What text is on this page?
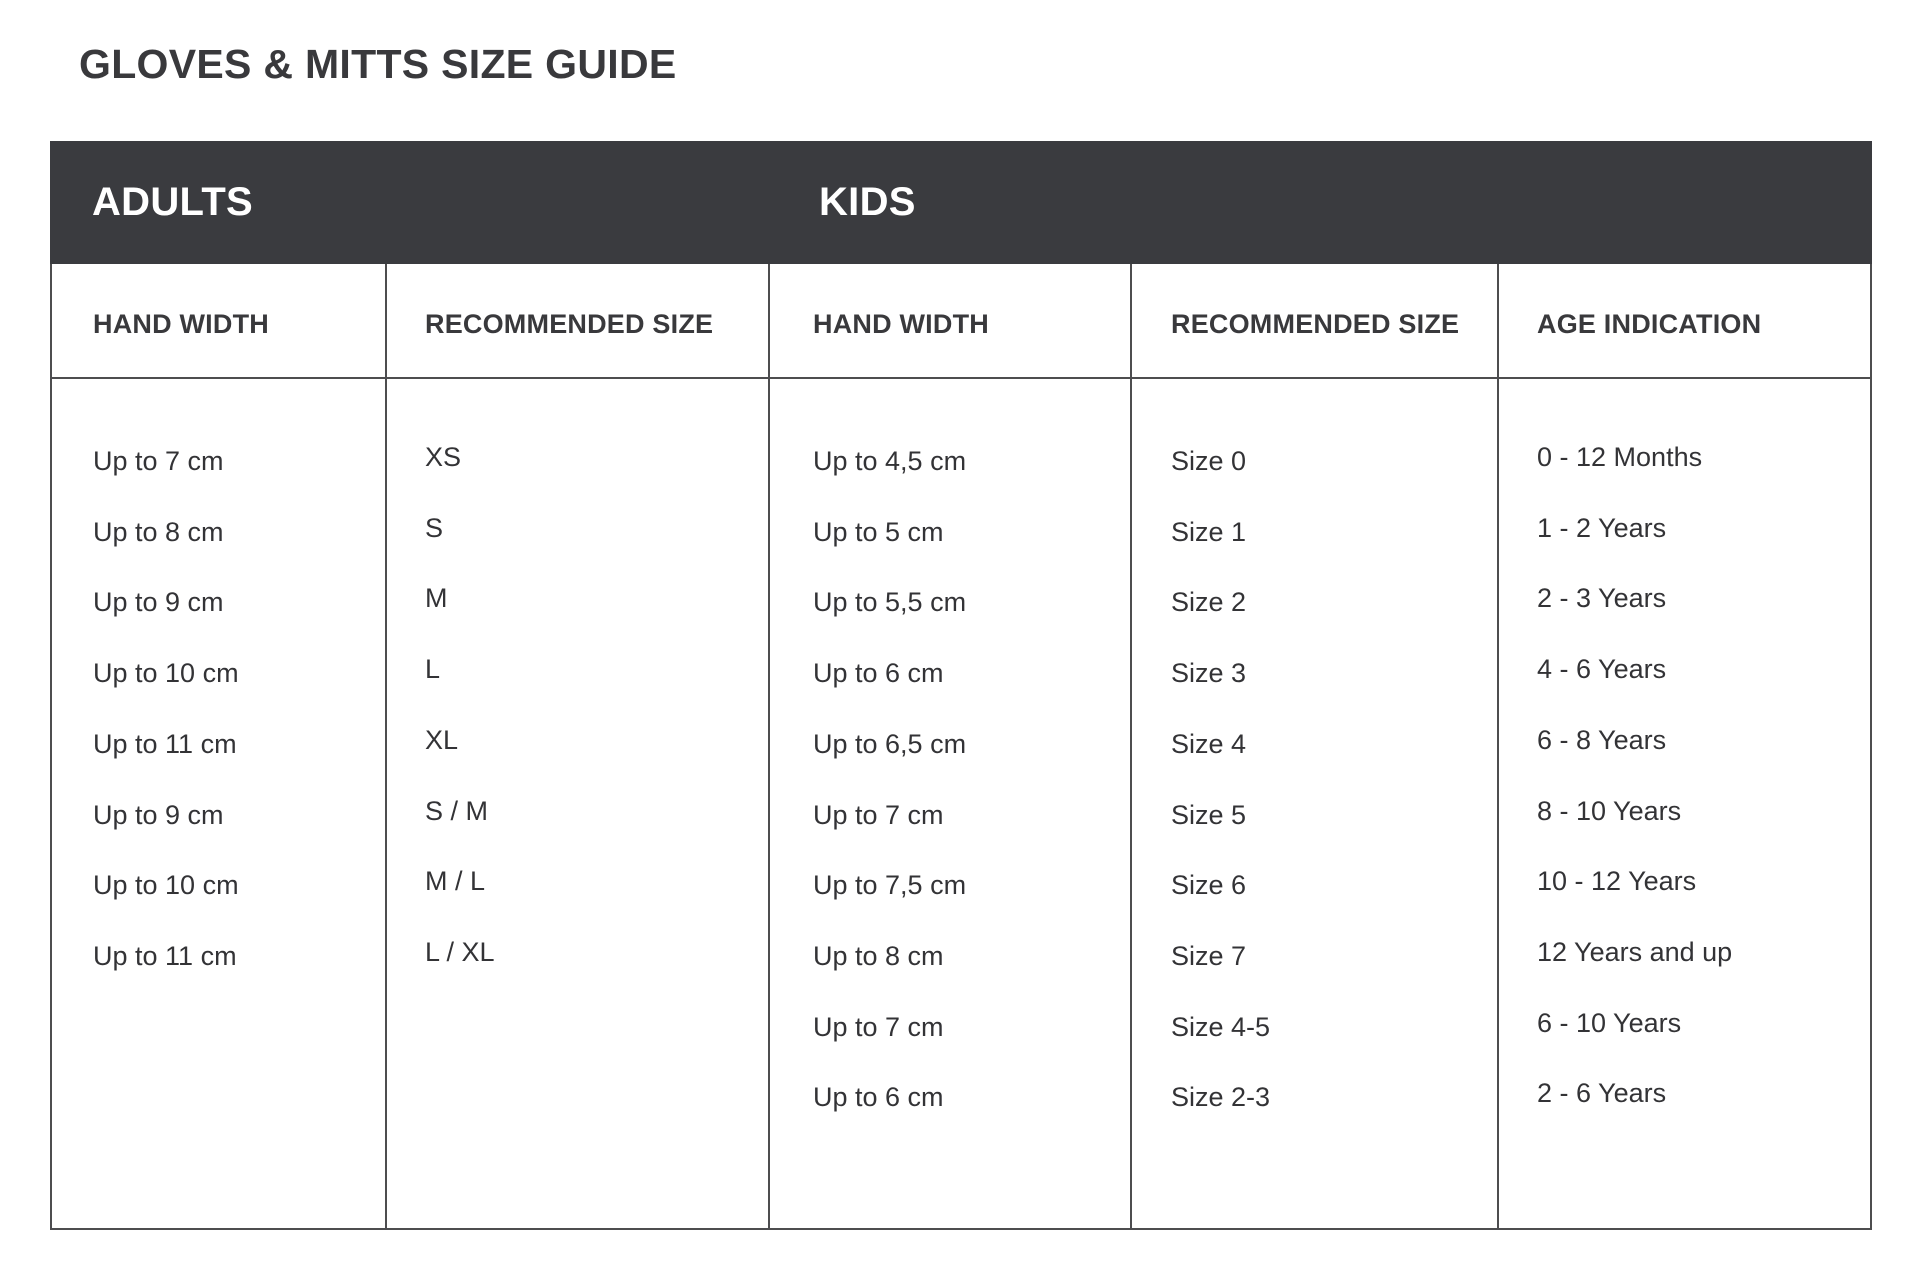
GLOVES & MITTS SIZE GUIDE
ADULTS	KIDS
HAND WIDTH
Up to 7 cm
Up to 8 cm
Up to 9 cm
Up to 10 cm
Up to 11 cm
Up to 9 cm
Up to 10 cm
Up to 11 cm
RECOMMENDED SIZE
XS
S
M
L
XL
S / M
M / L
L / XL
HAND WIDTH
Up to 4,5 cm
Up to 5 cm
Up to 5,5 cm
Up to 6 cm
Up to 6,5 cm
Up to 7 cm
Up to 7,5 cm
Up to 8 cm
Up to 7 cm
Up to 6 cm
RECOMMENDED SIZE
Size 0
Size 1
Size 2
Size 3
Size 4
Size 5
Size 6
Size 7
Size 4-5
Size 2-3
AGE INDICATION
0 - 12 Months
1 - 2 Years
2 - 3 Years
4 - 6 Years
6 - 8 Years
8 - 10 Years
10 - 12 Years
12 Years and up
6 - 10 Years
2 - 6 Years
